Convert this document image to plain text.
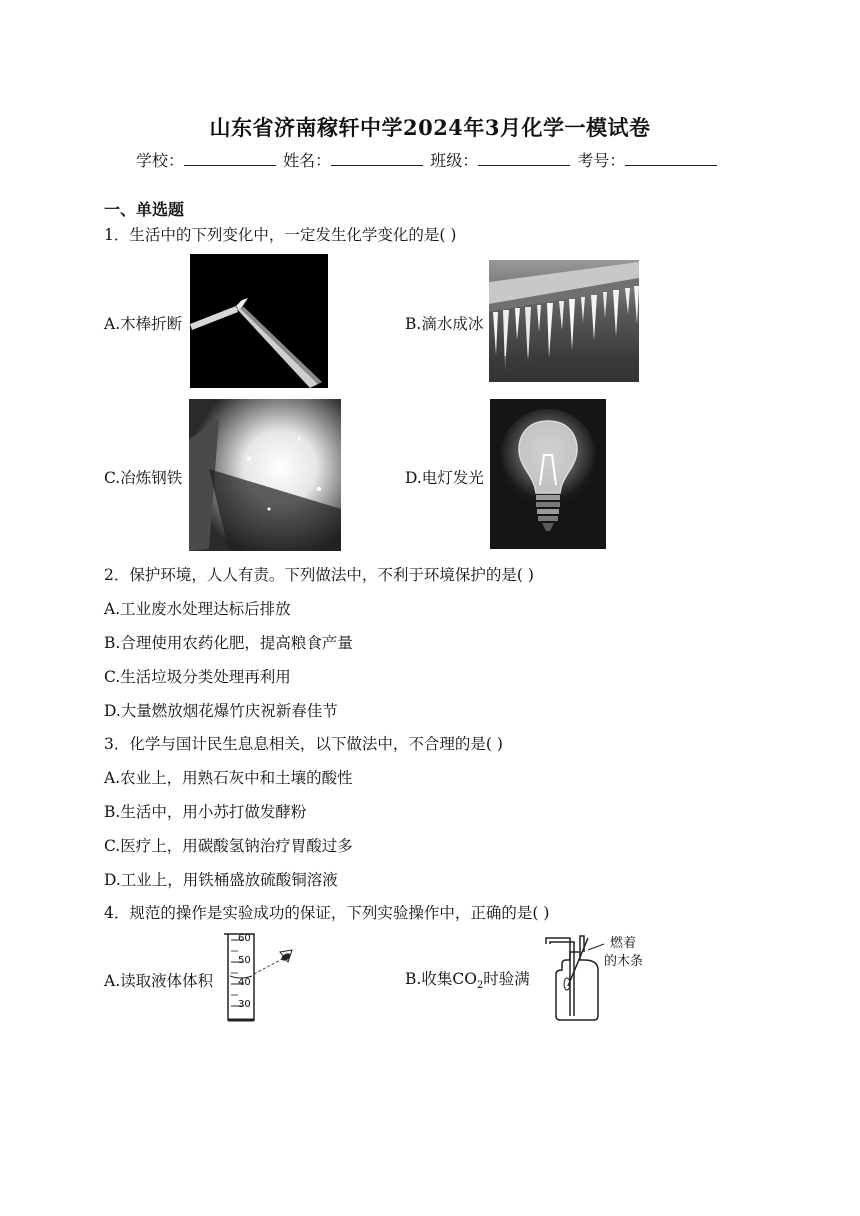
山东省济南稼轩中学2024年3月化学一模试卷
学校：	姓名：	班级：	考号：
一、单选题
1．生活中的下列变化中，一定发生化学变化的是( )
A.木棒折断	B.滴水成冰
C.冶炼钢铁	D.电灯发光
2．保护环境，人人有责。下列做法中，不利于环境保护的是( )
A.工业废水处理达标后排放
B.合理使用农药化肥，提高粮食产量
C.生活垃圾分类处理再利用
D.大量燃放烟花爆竹庆祝新春佳节
3．化学与国计民生息息相关，以下做法中，不合理的是( )
A.农业上，用熟石灰中和土壤的酸性
B.生活中，用小苏打做发酵粉
C.医疗上，用碳酸氢钠治疗胃酸过多
D.工业上，用铁桶盛放硫酸铜溶液
4．规范的操作是实验成功的保证，下列实验操作中，正确的是( )
A.读取液体体积
60
50
40
30
B.收集$CO_2$时验满
燃着
的木条
